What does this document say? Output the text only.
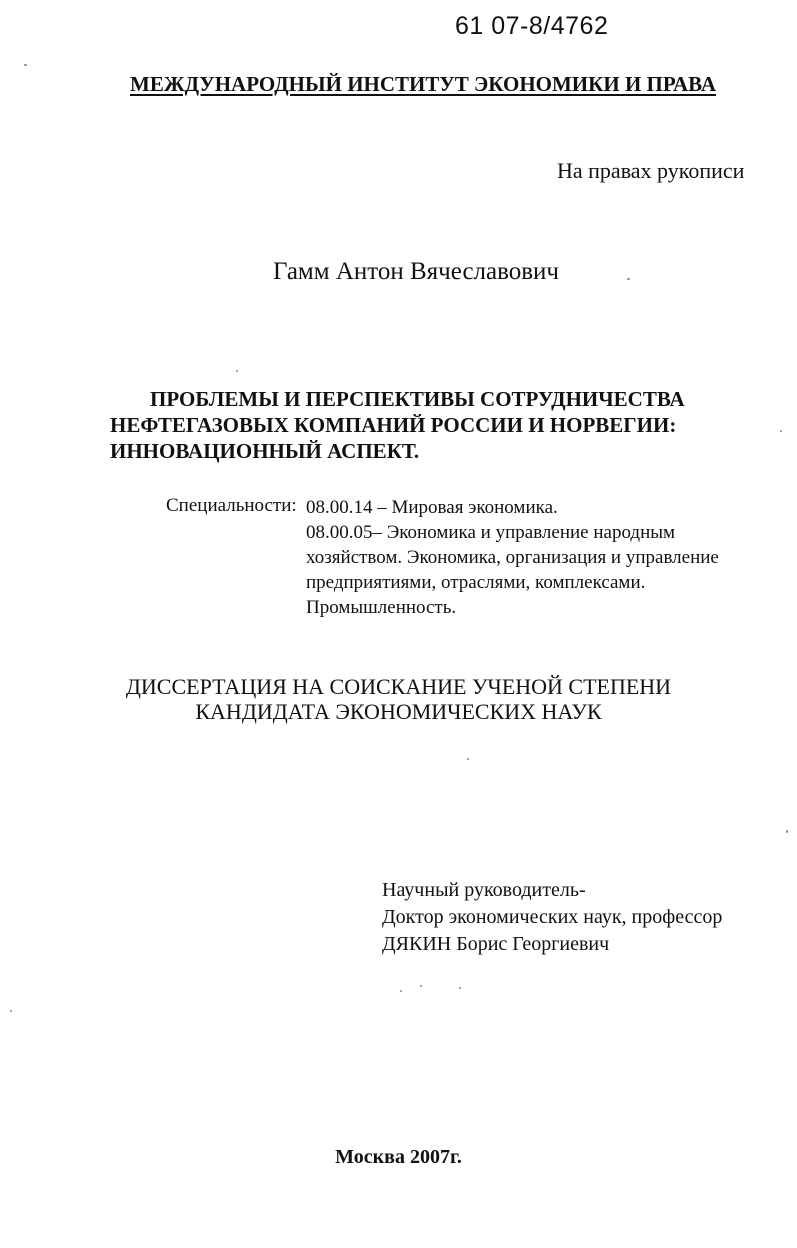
61 07-8/4762
МЕЖДУНАРОДНЫЙ ИНСТИТУТ ЭКОНОМИКИ И ПРАВА
На правах рукописи
Гамм Антон Вячеславович
ПРОБЛЕМЫ И ПЕРСПЕКТИВЫ СОТРУДНИЧЕСТВА
НЕФТЕГАЗОВЫХ КОМПАНИЙ РОССИИ И НОРВЕГИИ:
ИННОВАЦИОННЫЙ АСПЕКТ.
Специальности: 08.00.14 – Мировая экономика.
08.00.05– Экономика и управление народным
хозяйством. Экономика, организация и управление
предприятиями, отраслями, комплексами.
Промышленность.
ДИССЕРТАЦИЯ НА СОИСКАНИЕ УЧЕНОЙ СТЕПЕНИ
КАНДИДАТА ЭКОНОМИЧЕСКИХ НАУК
Научный руководитель-
Доктор экономических наук, профессор
ДЯКИН Борис Георгиевич
Москва 2007г.
